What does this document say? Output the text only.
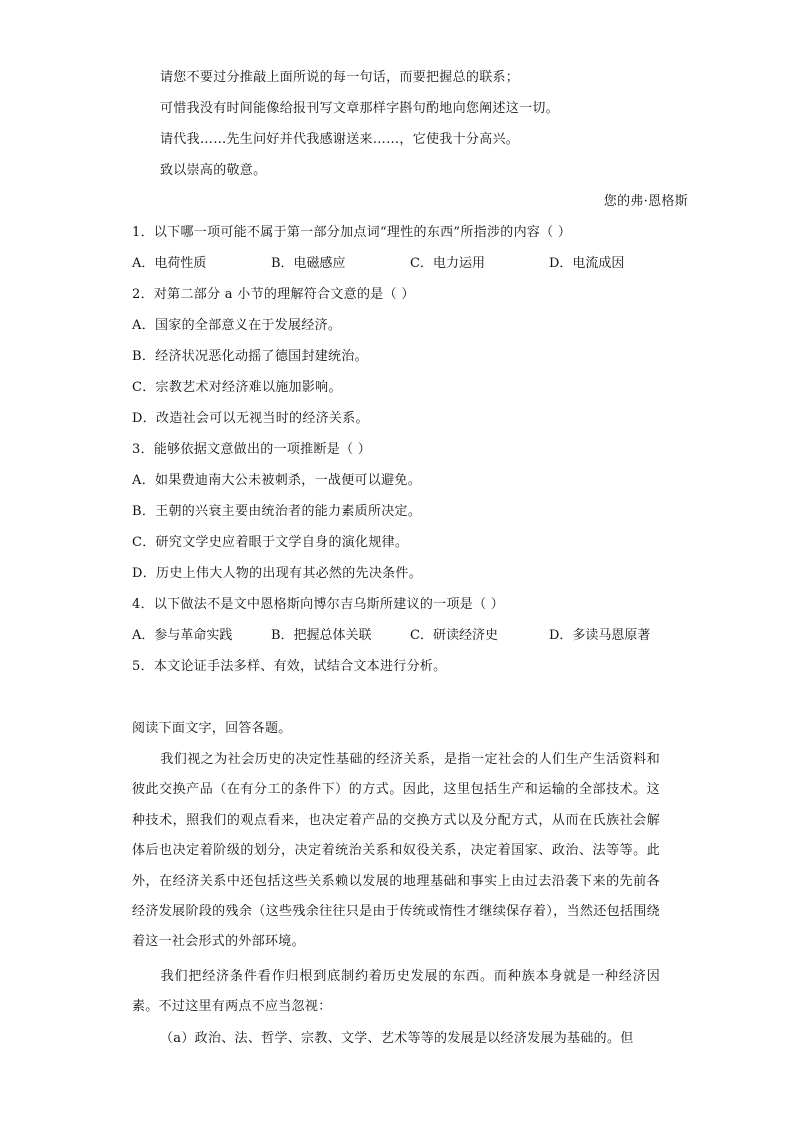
请您不要过分推敲上面所说的每一句话，而要把握总的联系；
可惜我没有时间能像给报刊写文章那样字斟句酌地向您阐述这一切。
请代我……先生问好并代我感谢送来……，它使我十分高兴。
致以崇高的敬意。
您的弗·恩格斯
1．以下哪一项可能不属于第一部分加点词“理性的东西”所指涉的内容（ ）
A．电荷性质	B．电磁感应	C．电力运用	D．电流成因
2．对第二部分 a 小节的理解符合文意的是（ ）
A．国家的全部意义在于发展经济。
B．经济状况恶化动摇了德国封建统治。
C．宗教艺术对经济难以施加影响。
D．改造社会可以无视当时的经济关系。
3．能够依据文意做出的一项推断是（ ）
A．如果费迪南大公未被刺杀，一战便可以避免。
B．王朝的兴衰主要由统治者的能力素质所决定。
C．研究文学史应着眼于文学自身的演化规律。
D．历史上伟大人物的出现有其必然的先决条件。
4．以下做法不是文中恩格斯向博尔吉乌斯所建议的一项是（ ）
A．参与革命实践	B．把握总体关联	C．研读经济史	D．多读马恩原著
5．本文论证手法多样、有效，试结合文本进行分析。
阅读下面文字，回答各题。
我们视之为社会历史的决定性基础的经济关系，是指一定社会的人们生产生活资料和彼此交换产品（在有分工的条件下）的方式。因此，这里包括生产和运输的全部技术。这种技术，照我们的观点看来，也决定着产品的交换方式以及分配方式，从而在氏族社会解体后也决定着阶级的划分，决定着统治关系和奴役关系，决定着国家、政治、法等等。此外，在经济关系中还包括这些关系赖以发展的地理基础和事实上由过去沿袭下来的先前各经济发展阶段的残余（这些残余往往只是由于传统或惰性才继续保存着），当然还包括围绕着这一社会形式的外部环境。
我们把经济条件看作归根到底制约着历史发展的东西。而种族本身就是一种经济因素。不过这里有两点不应当忽视：
（a）政治、法、哲学、宗教、文学、艺术等等的发展是以经济发展为基础的。但
